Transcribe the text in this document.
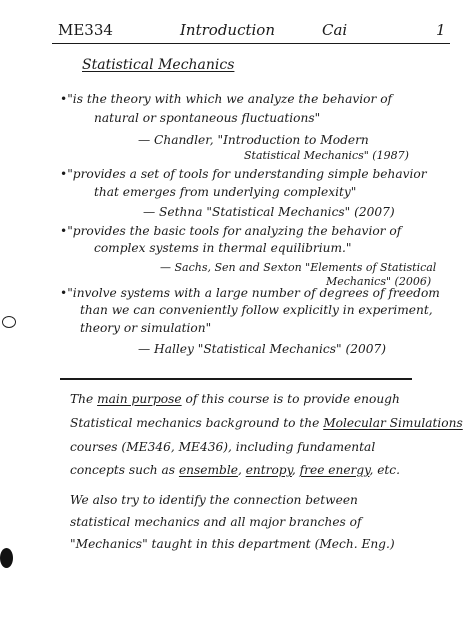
ME334	Introduction	Cai	1
Statistical Mechanics
•"is the theory with which we analyze the behavior of
natural or spontaneous fluctuations"
— Chandler, "Introduction to Modern
Statistical Mechanics" (1987)
•"provides a set of tools for understanding simple behavior
that emerges from underlying complexity"
— Sethna "Statistical Mechanics" (2007)
•"provides the basic tools for analyzing the behavior of
complex systems in thermal equilibrium."
— Sachs, Sen and Sexton "Elements of Statistical
Mechanics" (2006)
•"involve systems with a large number of degrees of freedom
than we can conveniently follow explicitly in experiment,
theory or simulation"
— Halley "Statistical Mechanics" (2007)
The main purpose of this course is to provide enough
Statistical mechanics background to the Molecular Simulations
courses (ME346, ME436), including fundamental
concepts such as ensemble, entropy, free energy, etc.
We also try to identify the connection between
statistical mechanics and all major branches of
"Mechanics" taught in this department (Mech. Eng.)
